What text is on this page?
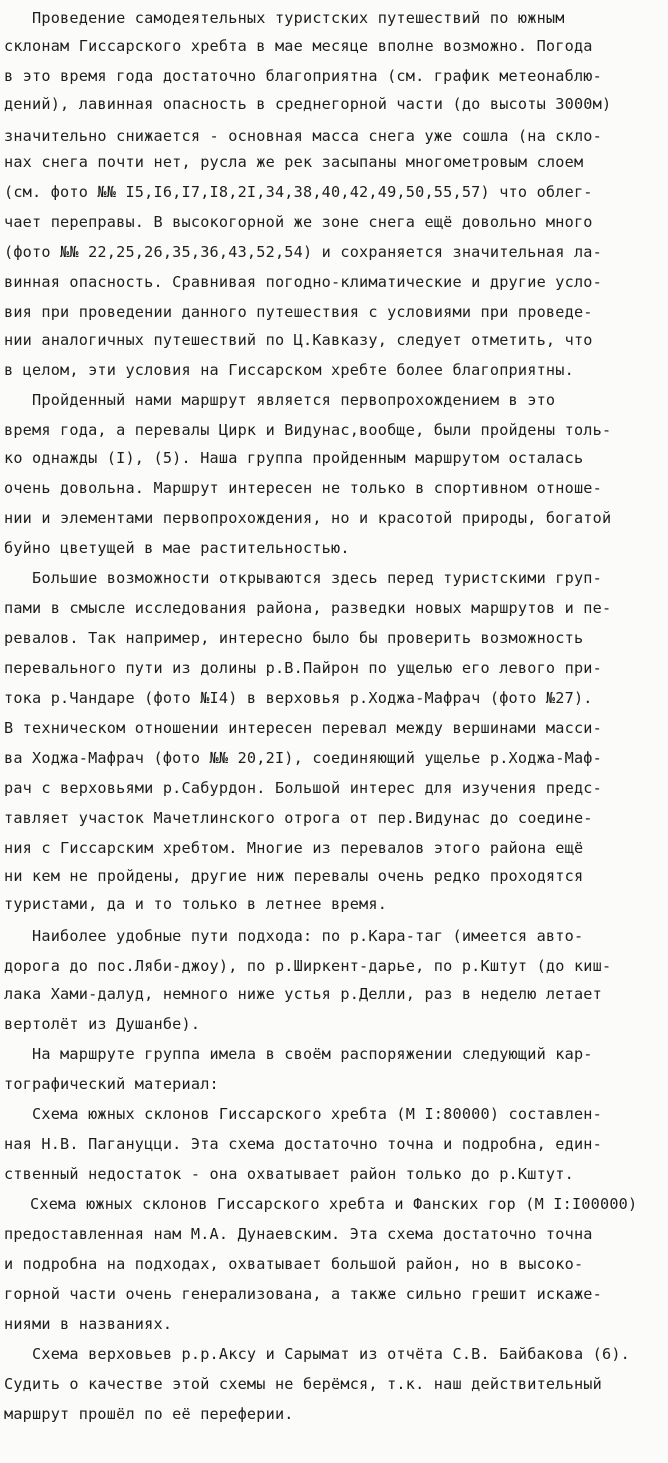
Проведение самодеятельных туристских путешествий по южным
склонам Гиссарского хребта в мае месяце вполне возможно. Погода
в это время года достаточно благоприятна (см. график метеонаблю-
дений), лавинная опасность в среднегорной части (до высоты 3000м)
значительно снижается - основная масса снега уже сошла (на скло-
нах снега почти нет, русла же рек засыпаны многометровым слоем
(см. фото №№ I5,I6,I7,I8,2I,34,38,40,42,49,50,55,57) что облег-
чает переправы. В высокогорной же зоне снега ещё довольно много
(фото №№ 22,25,26,35,36,43,52,54) и сохраняется значительная ла-
винная опасность. Сравнивая погодно-климатические и другие усло-
вия при проведении данного путешествия с условиями при проведе-
нии аналогичных путешествий по Ц.Кавказу, следует отметить, что
в целом, эти условия на Гиссарском хребте более благоприятны.
Пройденный нами маршрут является первопрохождением в это
время года, а перевалы Цирк и Видунас,вообще, были пройдены толь-
ко однажды (I), (5). Наша группа пройденным маршрутом осталась
очень довольна. Маршрут интересен не только в спортивном отноше-
нии и элементами первопрохождения, но и красотой природы, богатой
буйно цветущей в мае растительностью.
Большие возможности открываются здесь перед туристскими груп-
пами в смысле исследования района, разведки новых маршрутов и пе-
ревалов. Так например, интересно было бы проверить возможность
перевального пути из долины р.В.Пайрон по ущелью его левого при-
тока р.Чандаре (фото №I4) в верховья р.Ходжа-Мафрач (фото №27).
В техническом отношении интересен перевал между вершинами масси-
ва Ходжа-Мафрач (фото №№ 20,2I), соединяющий ущелье р.Ходжа-Маф-
рач с верховьями р.Сабурдон. Большой интерес для изучения предс-
тавляет участок Мачетлинского отрога от пер.Видунас до соедине-
ния с Гиссарским хребтом. Многие из перевалов этого района ещё
ни кем не пройдены, другие ниж перевалы очень редко проходятся
туристами, да и то только в летнее время.
Наиболее удобные пути подхода: по р.Кара-таг (имеется авто-
дорога до пос.Ляби-джоу), по р.Ширкент-дарье, по р.Кштут (до киш-
лака Хами-далуд, немного ниже устья р.Делли, раз в неделю летает
вертолёт из Душанбе).
На маршруте группа имела в своём распоряжении следующий кар-
тографический материал:
Схема южных склонов Гиссарского хребта (М I:80000) составлен-
ная Н.В. Пагануцци. Эта схема достаточно точна и подробна, един-
ственный недостаток - она охватывает район только до р.Кштут.
Схема южных склонов Гиссарского хребта и Фанских гор (М I:I00000)
предоставленная нам М.А. Дунаевским. Эта схема достаточно точна
и подробна на подходах, охватывает большой район, но в высоко-
горной части очень генерализована, а также сильно грешит искаже-
ниями в названиях.
Схема верховьев р.р.Аксу и Сарымат из отчёта С.В. Байбакова (6).
Судить о качестве этой схемы не берёмся, т.к. наш действительный
маршрут прошёл по её переферии.
